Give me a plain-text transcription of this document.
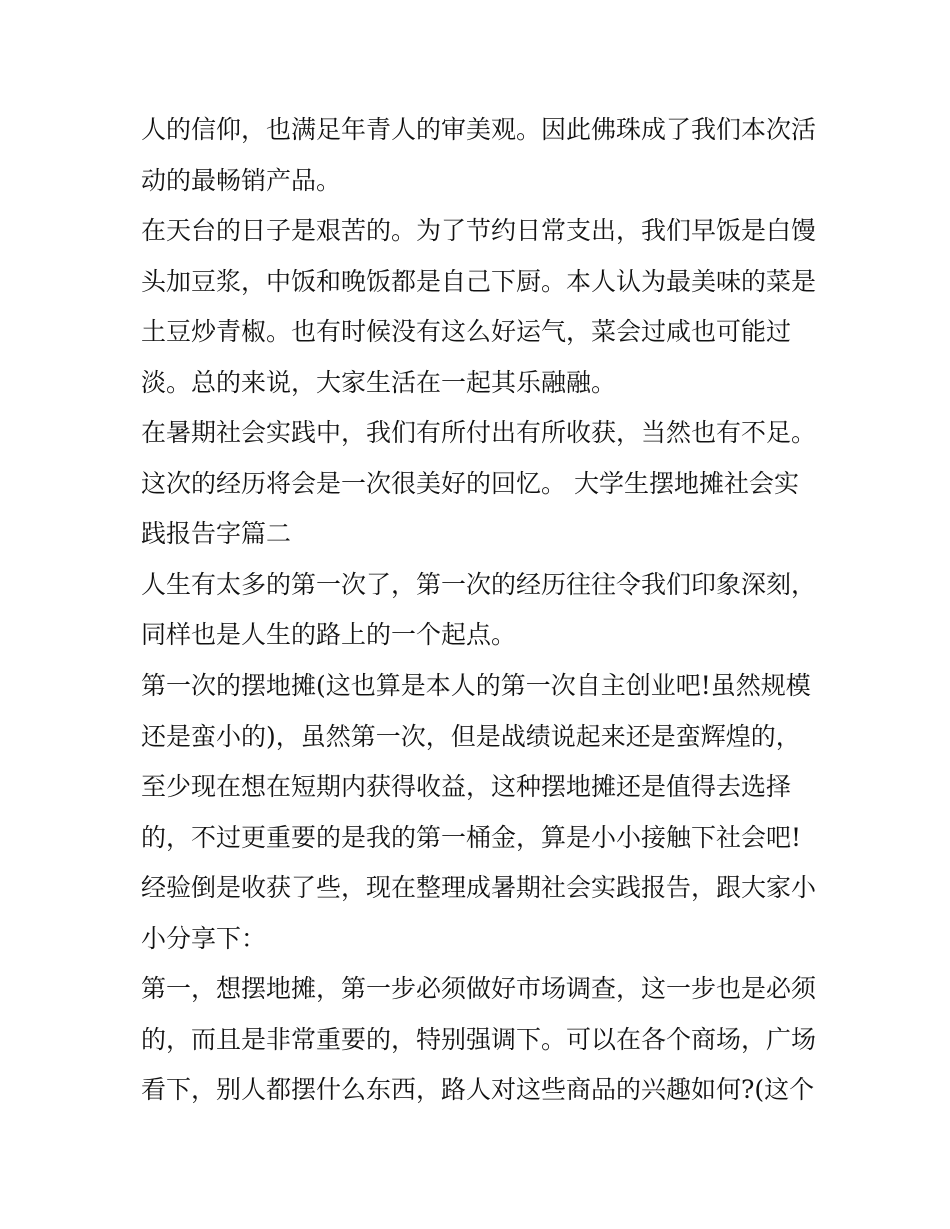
人的信仰，也满足年青人的审美观。因此佛珠成了我们本次活
动的最畅销产品。
在天台的日子是艰苦的。为了节约日常支出，我们早饭是白馒
头加豆浆，中饭和晚饭都是自己下厨。本人认为最美味的菜是
土豆炒青椒。也有时候没有这么好运气，菜会过咸也可能过
淡。总的来说，大家生活在一起其乐融融。
在暑期社会实践中，我们有所付出有所收获，当然也有不足。
这次的经历将会是一次很美好的回忆。 大学生摆地摊社会实
践报告字篇二
人生有太多的第一次了，第一次的经历往往令我们印象深刻，
同样也是人生的路上的一个起点。
第一次的摆地摊(这也算是本人的第一次自主创业吧!虽然规模
还是蛮小的)，虽然第一次，但是战绩说起来还是蛮辉煌的，
至少现在想在短期内获得收益，这种摆地摊还是值得去选择
的，不过更重要的是我的第一桶金，算是小小接触下社会吧!
经验倒是收获了些，现在整理成暑期社会实践报告，跟大家小
小分享下：
第一，想摆地摊，第一步必须做好市场调查，这一步也是必须
的，而且是非常重要的，特别强调下。可以在各个商场，广场
看下，别人都摆什么东西，路人对这些商品的兴趣如何?(这个
